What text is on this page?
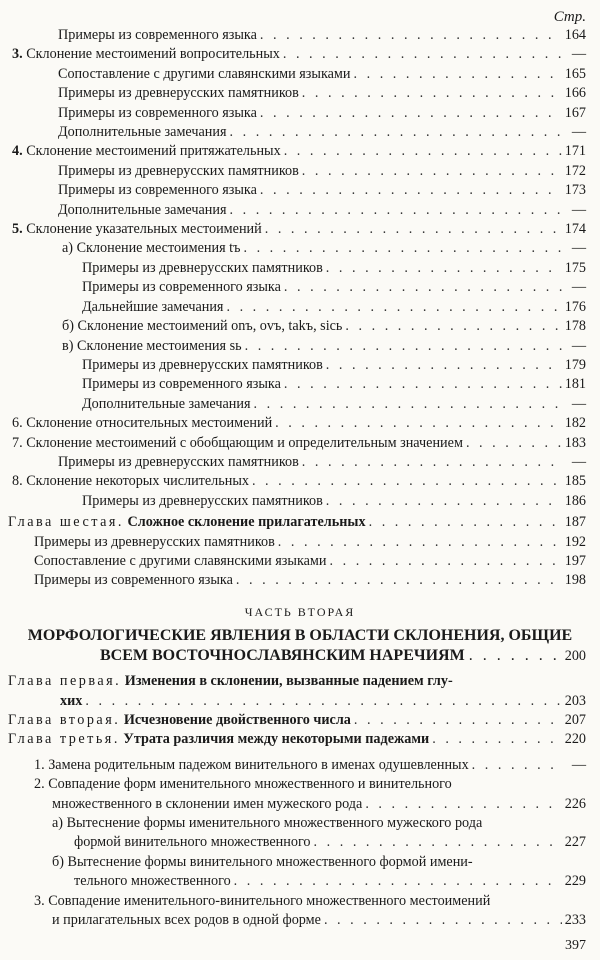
Стр.
Примеры из современного языка . . .	164
3. Склонение местоимений вопросительных . . .	—
Сопоставление с другими славянскими языками . . .	165
Примеры из древнерусских памятников . . .	166
Примеры из современного языка . . .	167
Дополнительные замечания . . .	—
4. Склонение местоимений притяжательных . . .	171
Примеры из древнерусских памятников . . .	172
Примеры из современного языка . . .	173
Дополнительные замечания . . .	—
5. Склонение указательных местоимений . . .	174
а) Склонение местоимения tъ . . .	—
Примеры из древнерусских памятников . . .	175
Примеры из современного языка . . .	—
Дальнейшие замечания . . .	176
б) Склонение местоимений onъ, ovъ, takъ, sicь . . .	178
в) Склонение местоимения sь . . .	—
Примеры из древнерусских памятников . . .	179
Примеры из современного языка . . .	181
Дополнительные замечания . . .	—
6. Склонение относительных местоимений . . .	182
7. Склонение местоимений с обобщающим и определительным значением . . .	183
Примеры из древнерусских памятников . . .	—
8. Склонение некоторых числительных . . .	185
Примеры из древнерусских памятников . . .	186
Глава шестая. Сложное склонение прилагательных . . .	187
Примеры из древнерусских памятников . . .	192
Сопоставление с другими славянскими языками . . .	197
Примеры из современного языка . . .	198
ЧАСТЬ ВТОРАЯ
МОРФОЛОГИЧЕСКИЕ ЯВЛЕНИЯ В ОБЛАСТИ СКЛОНЕНИЯ, ОБЩИЕ
ВСЕМ ВОСТОЧНОСЛАВЯНСКИМ НАРЕЧИЯМ . . .	200
Глава первая. Изменения в склонении, вызванные падением глу-
хих . . .	203
Глава вторая. Исчезновение двойственного числа . . .	207
Глава третья. Утрата различия между некоторыми падежами . . .	220
1. Замена родительным падежом винительного в именах одушевленных . . .	—
2. Совпадение форм именительного множественного и винительного
множественного в склонении имен мужеского рода . . .	226
а) Вытеснение формы именительного множественного мужеского рода
формой винительного множественного . . .	227
б) Вытеснение формы винительного множественного формой имени-
тельного множественного . . .	229
3. Совпадение именительного-винительного множественного местоимений
и прилагательных всех родов в одной форме . . .	233
397
